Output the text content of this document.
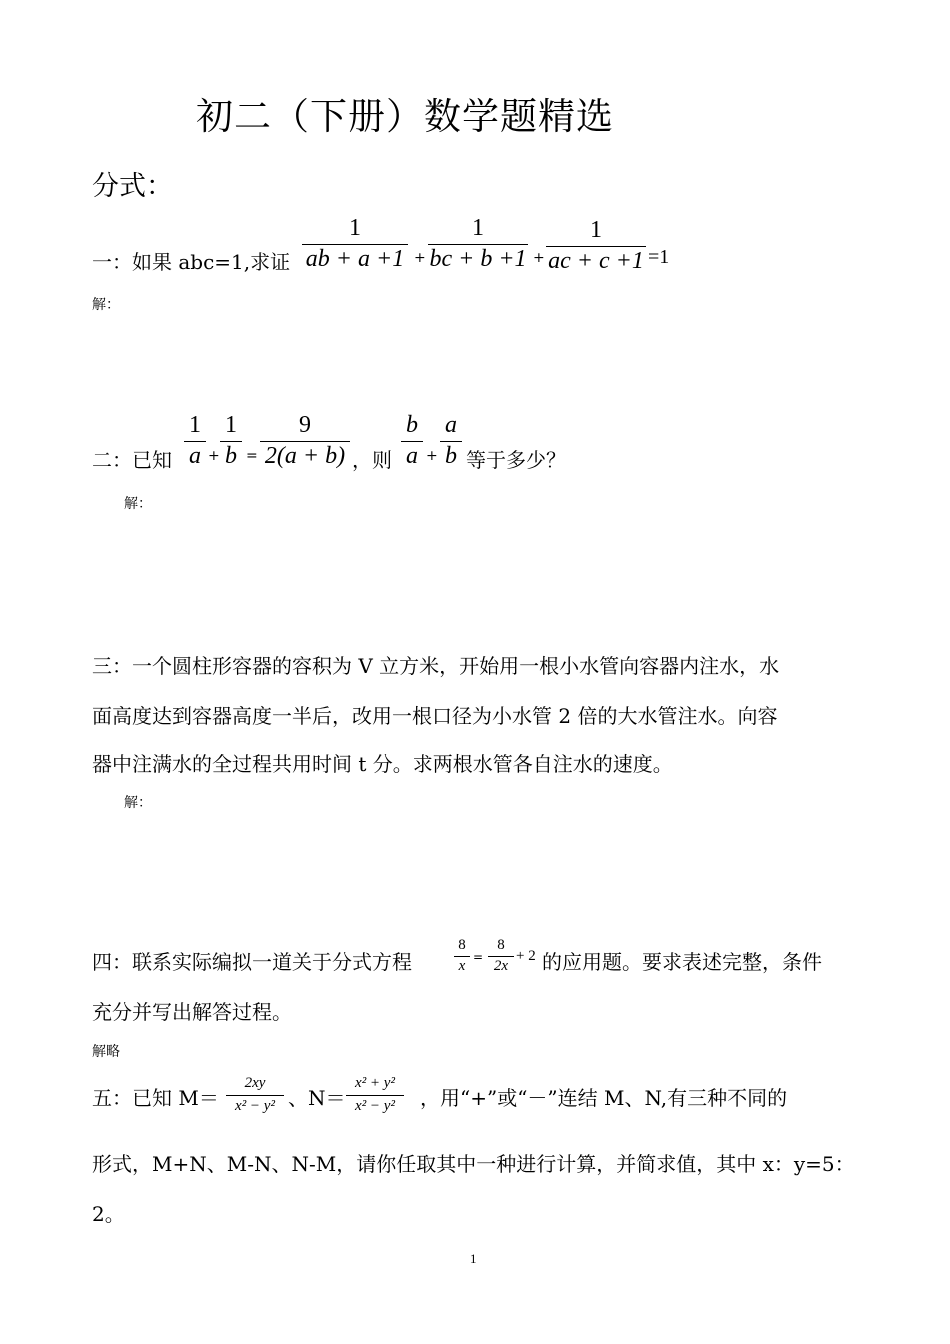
初二（下册）数学题精选
分式：
一：如果 abc=1,求证
1
ab + a +1 +
1
bc + b +1 +
1
ac + c +1 =1
解：
二：已知
1
a +
1
b =
9
2(a + b) ，则
b
a +
a
b 等于多少？
解：
三：一个圆柱形容器的容积为 V 立方米，开始用一根小水管向容器内注水，水
面高度达到容器高度一半后，改用一根口径为小水管 2 倍的大水管注水。向容
器中注满水的全过程共用时间 t 分。求两根水管各自注水的速度。
解：
四：联系实际编拟一道关于分式方程
8
x
=
8
2x
+ 2 的应用题。要求表述完整，条件
充分并写出解答过程。
解略
五：已知 M＝
2xy
x² − y² 、N＝
x² + y²
x² − y²	，用“+”或“－”连结 M、N,有三种不同的
形式，M+N、M-N、N-M，请你任取其中一种进行计算，并简求值，其中 x：y=5：
2。
1
